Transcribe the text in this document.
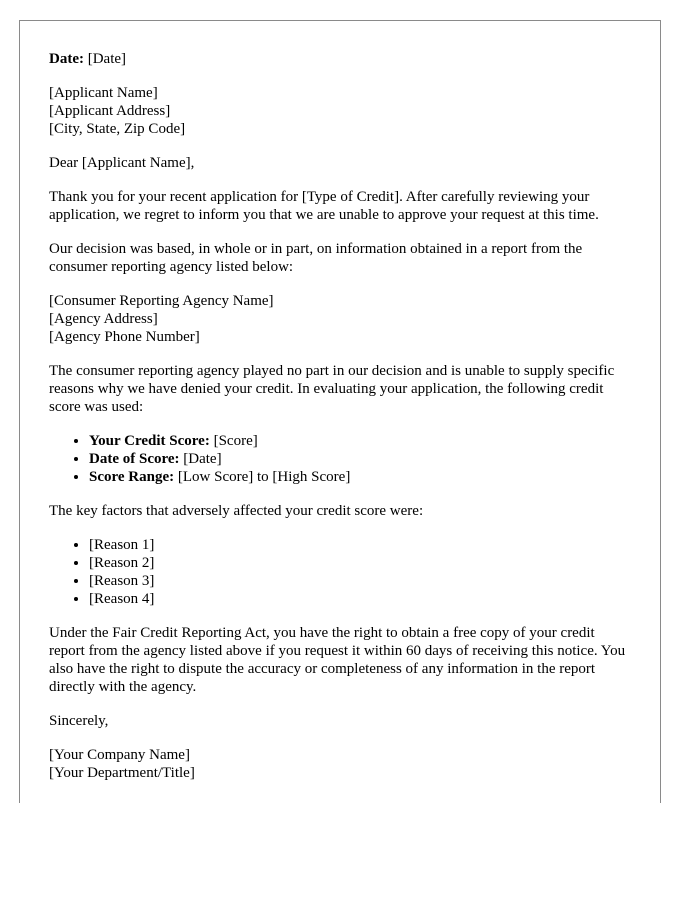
Date: [Date]

[Applicant Name]
[Applicant Address]
[City, State, Zip Code]

Dear [Applicant Name],

Thank you for your recent application for [Type of Credit]. After carefully reviewing your application, we regret to inform you that we are unable to approve your request at this time.

Our decision was based, in whole or in part, on information obtained in a report from the consumer reporting agency listed below:

[Consumer Reporting Agency Name]
[Agency Address]
[Agency Phone Number]

The consumer reporting agency played no part in our decision and is unable to supply specific reasons why we have denied your credit. In evaluating your application, the following credit score was used:

• Your Credit Score: [Score]
• Date of Score: [Date]
• Score Range: [Low Score] to [High Score]

The key factors that adversely affected your credit score were:

• [Reason 1]
• [Reason 2]
• [Reason 3]
• [Reason 4]

Under the Fair Credit Reporting Act, you have the right to obtain a free copy of your credit report from the agency listed above if you request it within 60 days of receiving this notice. You also have the right to dispute the accuracy or completeness of any information in the report directly with the agency.

Sincerely,

[Your Company Name]
[Your Department/Title]
